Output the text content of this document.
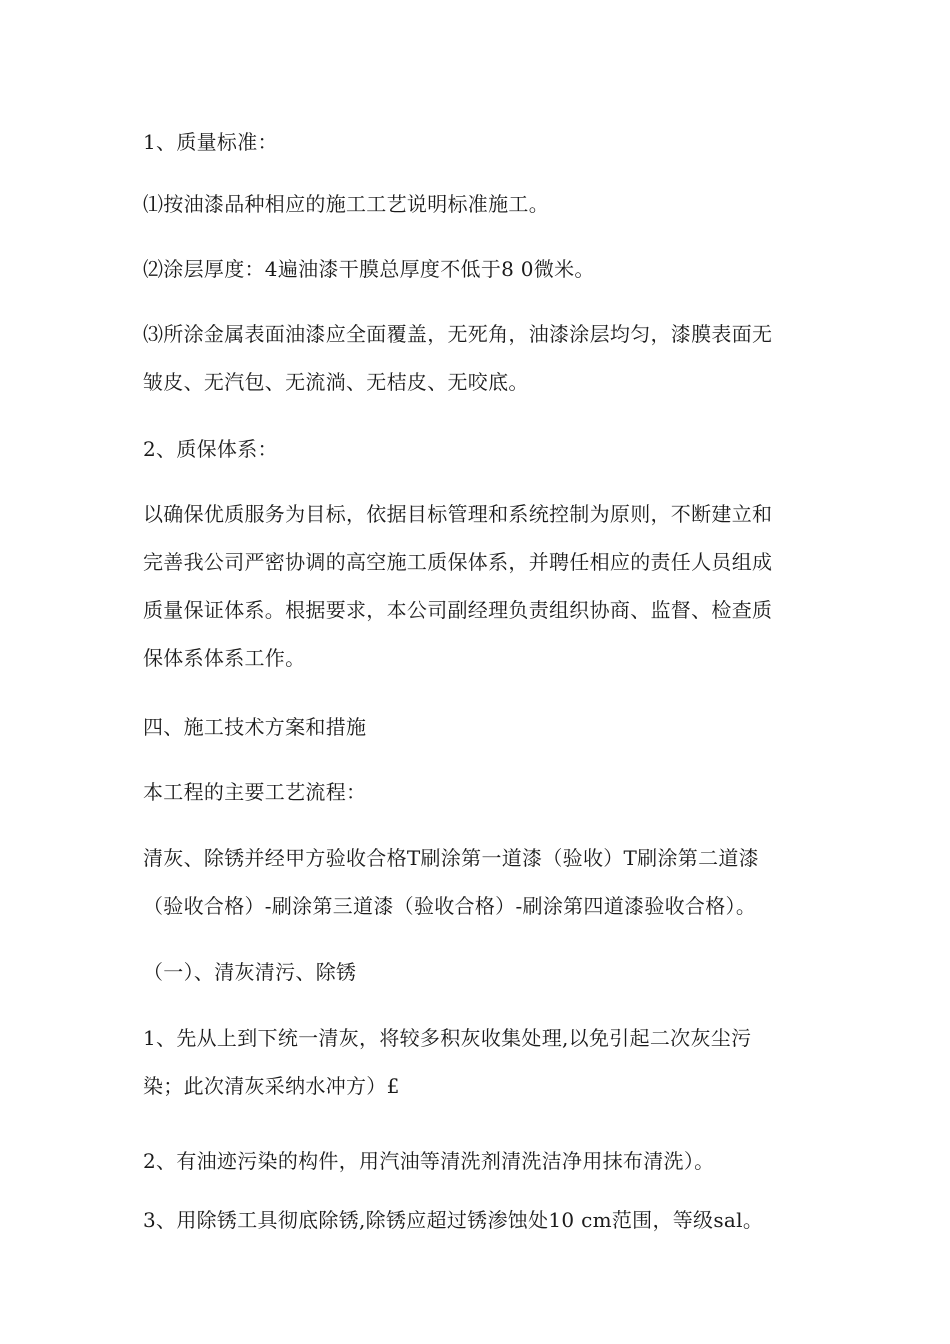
1、质量标准：
⑴按油漆品种相应的施工工艺说明标准施工。
⑵涂层厚度：4遍油漆干膜总厚度不低于8 0微米。
⑶所涂金属表面油漆应全面覆盖，无死角，油漆涂层均匀，漆膜表面无
皱皮、无汽包、无流淌、无桔皮、无咬底。
2、质保体系：
以确保优质服务为目标，依据目标管理和系统控制为原则，不断建立和
完善我公司严密协调的高空施工质保体系，并聘任相应的责任人员组成
质量保证体系。根据要求，本公司副经理负责组织协商、监督、检查质
保体系体系工作。
四、施工技术方案和措施
本工程的主要工艺流程：
清灰、除锈并经甲方验收合格T刷涂第一道漆（验收）T刷涂第二道漆
（验收合格）-刷涂第三道漆（验收合格）-刷涂第四道漆验收合格）。
（一）、清灰清污、除锈
1、先从上到下统一清灰，将较多积灰收集处理,以免引起二次灰尘污
染；此次清灰采纳水冲方）£
2、有油迹污染的构件，用汽油等清洗剂清洗洁净用抹布清洗）。
3、用除锈工具彻底除锈,除锈应超过锈渗蚀处10 cm范围，等级sal。
